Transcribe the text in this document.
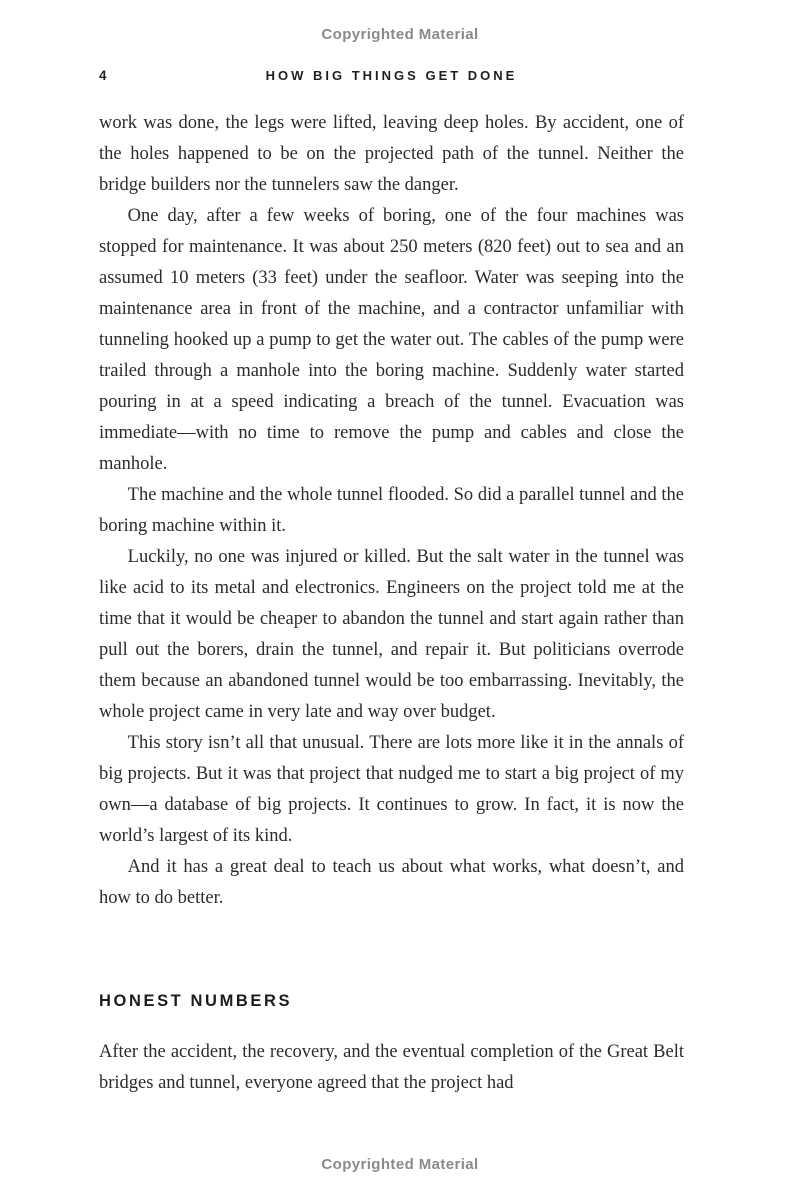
Copyrighted Material
4	HOW BIG THINGS GET DONE

work was done, the legs were lifted, leaving deep holes. By accident, one of the holes happened to be on the projected path of the tunnel. Neither the bridge builders nor the tunnelers saw the danger.

One day, after a few weeks of boring, one of the four machines was stopped for maintenance. It was about 250 meters (820 feet) out to sea and an assumed 10 meters (33 feet) under the seafloor. Water was seeping into the maintenance area in front of the machine, and a contractor unfamiliar with tunneling hooked up a pump to get the water out. The cables of the pump were trailed through a manhole into the boring machine. Suddenly water started pouring in at a speed indicating a breach of the tunnel. Evacuation was immediate—with no time to remove the pump and cables and close the manhole.

The machine and the whole tunnel flooded. So did a parallel tunnel and the boring machine within it.

Luckily, no one was injured or killed. But the salt water in the tunnel was like acid to its metal and electronics. Engineers on the project told me at the time that it would be cheaper to abandon the tunnel and start again rather than pull out the borers, drain the tunnel, and repair it. But politicians overrode them because an abandoned tunnel would be too embarrassing. Inevitably, the whole project came in very late and way over budget.

This story isn’t all that unusual. There are lots more like it in the annals of big projects. But it was that project that nudged me to start a big project of my own—a database of big projects. It continues to grow. In fact, it is now the world’s largest of its kind.

And it has a great deal to teach us about what works, what doesn’t, and how to do better.

HONEST NUMBERS

After the accident, the recovery, and the eventual completion of the Great Belt bridges and tunnel, everyone agreed that the project had

Copyrighted Material
